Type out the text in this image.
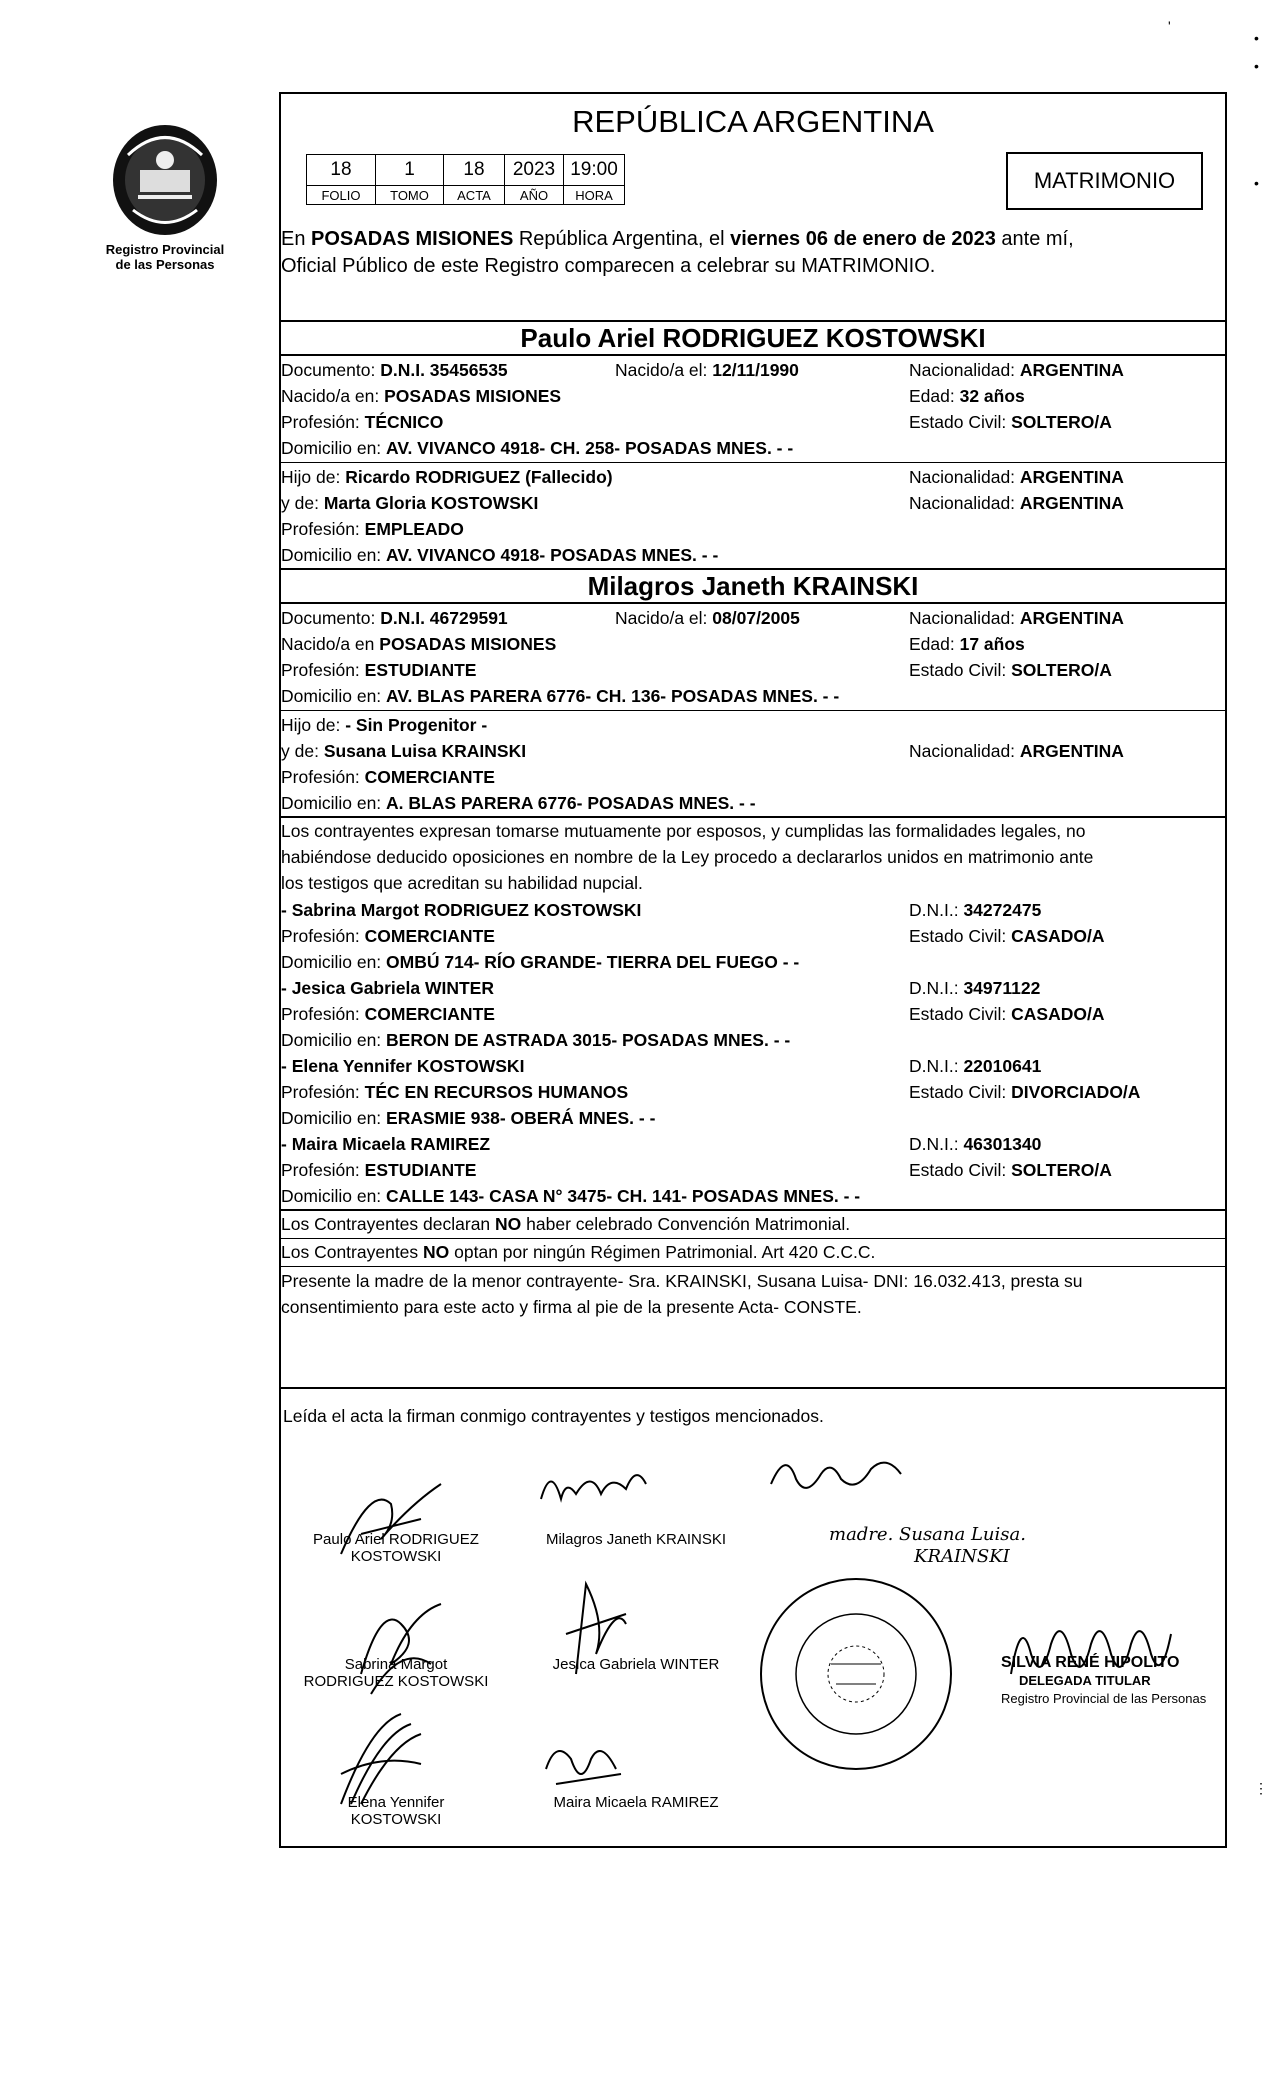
Registro Provincial
de las Personas
'
•
•
•
⋮
REPÚBLICA ARGENTINA
18	1	18	2023	19:00
FOLIO	TOMO	ACTA	AÑO	HORA
MATRIMONIO
En POSADAS MISIONES República Argentina, el viernes 06 de enero de 2023 ante mí,
Oficial Público de este Registro comparecen a celebrar su MATRIMONIO.
Paulo Ariel RODRIGUEZ KOSTOWSKI
Documento: D.N.I. 35456535	Nacido/a el: 12/11/1990	Nacionalidad: ARGENTINA
Nacido/a en: POSADAS MISIONES	Edad: 32 años
Profesión: TÉCNICO	Estado Civil: SOLTERO/A
Domicilio en: AV. VIVANCO 4918- CH. 258- POSADAS MNES. - -
Hijo de: Ricardo RODRIGUEZ (Fallecido)	Nacionalidad: ARGENTINA
y de: Marta Gloria KOSTOWSKI	Nacionalidad: ARGENTINA
Profesión: EMPLEADO
Domicilio en: AV. VIVANCO 4918- POSADAS MNES. - -
Milagros Janeth KRAINSKI
Documento: D.N.I. 46729591	Nacido/a el: 08/07/2005	Nacionalidad: ARGENTINA
Nacido/a en POSADAS MISIONES	Edad: 17 años
Profesión: ESTUDIANTE	Estado Civil: SOLTERO/A
Domicilio en: AV. BLAS PARERA 6776- CH. 136- POSADAS MNES. - -
Hijo de: - Sin Progenitor -
y de: Susana Luisa KRAINSKI	Nacionalidad: ARGENTINA
Profesión: COMERCIANTE
Domicilio en: A. BLAS PARERA 6776- POSADAS MNES. - -
Los contrayentes expresan tomarse mutuamente por esposos, y cumplidas las formalidades legales, no
habiéndose deducido oposiciones en nombre de la Ley procedo a declararlos unidos en matrimonio ante
los testigos que acreditan su habilidad nupcial.
- Sabrina Margot RODRIGUEZ KOSTOWSKI	D.N.I.: 34272475
Profesión: COMERCIANTE	Estado Civil: CASADO/A
Domicilio en: OMBÚ 714- RÍO GRANDE- TIERRA DEL FUEGO - -
- Jesica Gabriela WINTER	D.N.I.: 34971122
Profesión: COMERCIANTE	Estado Civil: CASADO/A
Domicilio en: BERON DE ASTRADA 3015- POSADAS MNES. - -
- Elena Yennifer KOSTOWSKI	D.N.I.: 22010641
Profesión: TÉC EN RECURSOS HUMANOS	Estado Civil: DIVORCIADO/A
Domicilio en: ERASMIE 938- OBERÁ MNES. - -
- Maira Micaela RAMIREZ	D.N.I.: 46301340
Profesión: ESTUDIANTE	Estado Civil: SOLTERO/A
Domicilio en: CALLE 143- CASA N° 3475- CH. 141- POSADAS MNES. - -
Los Contrayentes declaran NO haber celebrado Convención Matrimonial.
Los Contrayentes NO optan por ningún Régimen Patrimonial. Art 420 C.C.C.
Presente la madre de la menor contrayente- Sra. KRAINSKI, Susana Luisa- DNI: 16.032.413, presta su
consentimiento para este acto y firma al pie de la presente Acta- CONSTE.
Leída el acta la firman conmigo contrayentes y testigos mencionados.
Paulo Ariel RODRIGUEZ
KOSTOWSKI
Milagros Janeth KRAINSKI
Sabrina Margot
RODRIGUEZ KOSTOWSKI
Jesica Gabriela WINTER
Elena Yennifer
KOSTOWSKI
Maira Micaela RAMIREZ
madre. Susana Luisa.
KRAINSKI
SILVIA RENÉ HIPOLITO
DELEGADA TITULAR
Registro Provincial de las Personas
